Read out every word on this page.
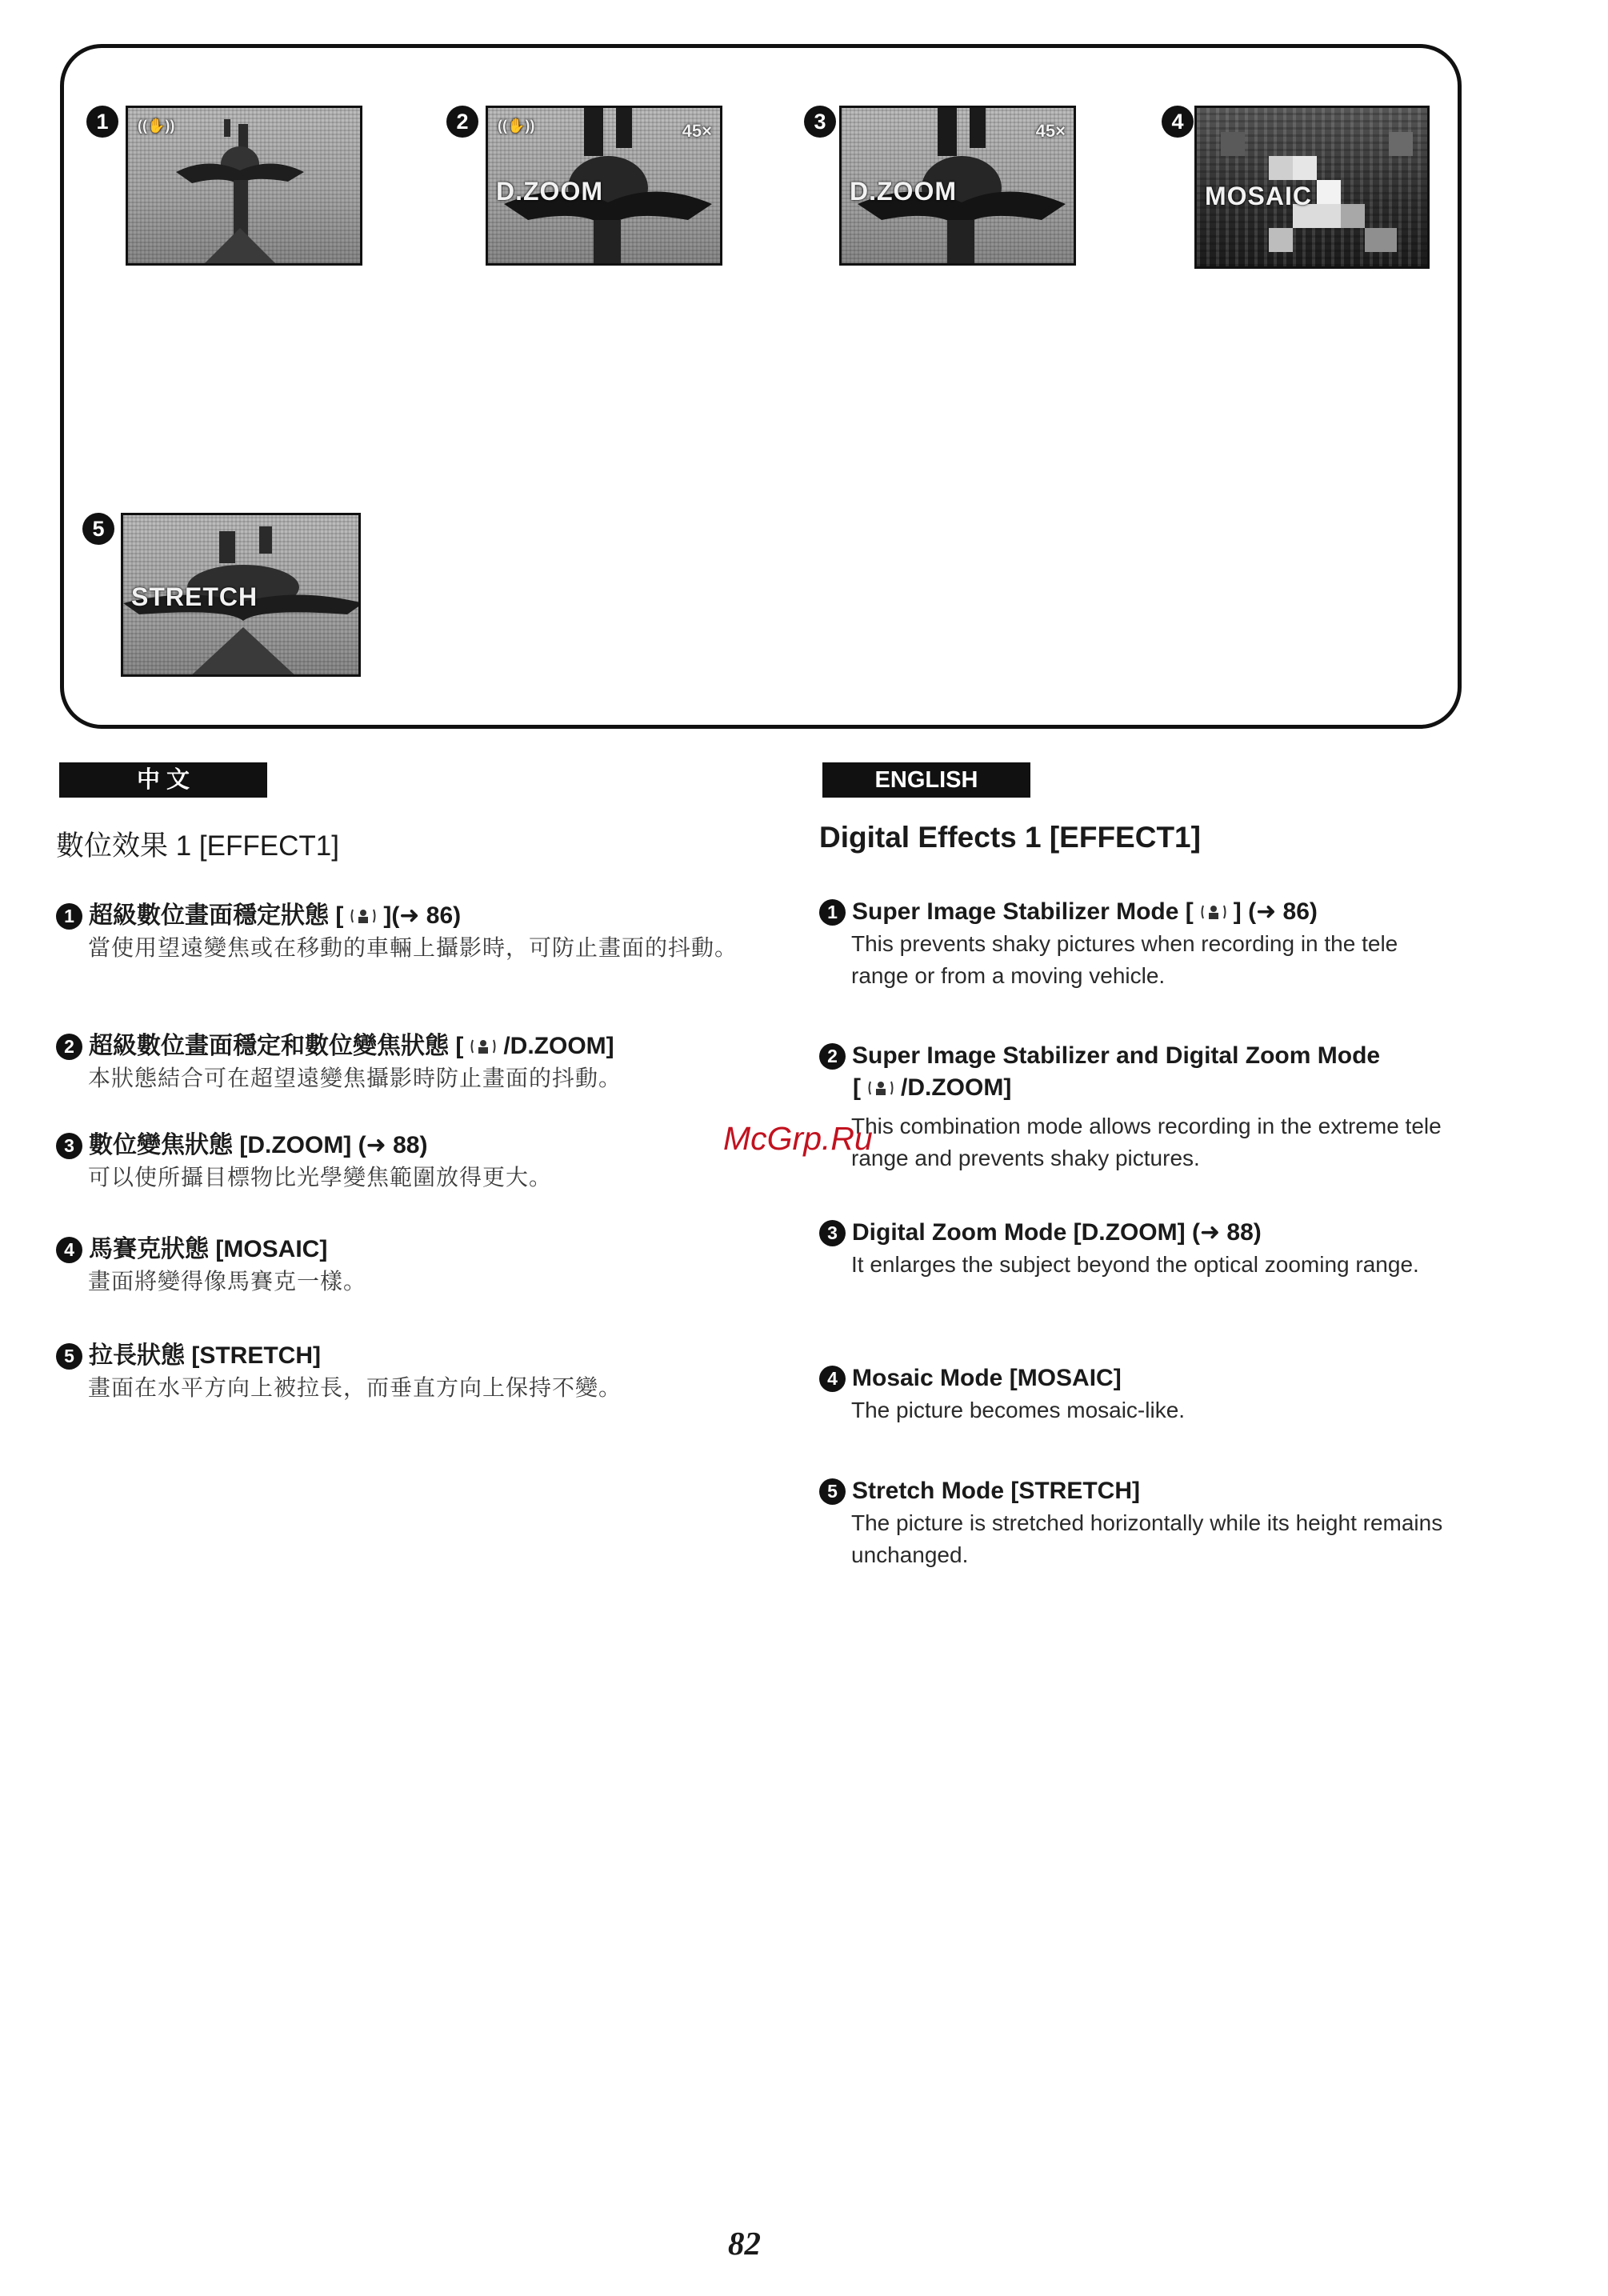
1	((✋))	2	45×
((✋))
D.ZOOM
3	45×
D.ZOOM
4
MOSAIC
5
STRETCH
中 文
數位效果 1 [EFFECT1]
1 超級數位畫面穩定狀態 [ ](➜ 86)
當使用望遠變焦或在移動的車輛上攝影時，可防止畫面的抖動。
2 超級數位畫面穩定和數位變焦狀態 [ /D.ZOOM]
本狀態結合可在超望遠變焦攝影時防止畫面的抖動。
3 數位變焦狀態 [D.ZOOM] (➜ 88)
可以使所攝目標物比光學變焦範圍放得更大。
4 馬賽克狀態 [MOSAIC]
畫面將變得像馬賽克一樣。
5 拉長狀態 [STRETCH]
畫面在水平方向上被拉長，而垂直方向上保持不變。
ENGLISH
Digital Effects 1 [EFFECT1]
1 Super Image Stabilizer Mode [ ] (➜ 86)
This prevents shaky pictures when recording in the tele range or from a moving vehicle.
2 Super Image Stabilizer and Digital Zoom Mode
[ /D.ZOOM]
This combination mode allows recording in the extreme tele range and prevents shaky pictures.
3 Digital Zoom Mode [D.ZOOM] (➜ 88)
It enlarges the subject beyond the optical zooming range.
4 Mosaic Mode [MOSAIC]
The picture becomes mosaic-like.
5 Stretch Mode [STRETCH]
The picture is stretched horizontally while its height remains unchanged.
McGrp.Ru
82
